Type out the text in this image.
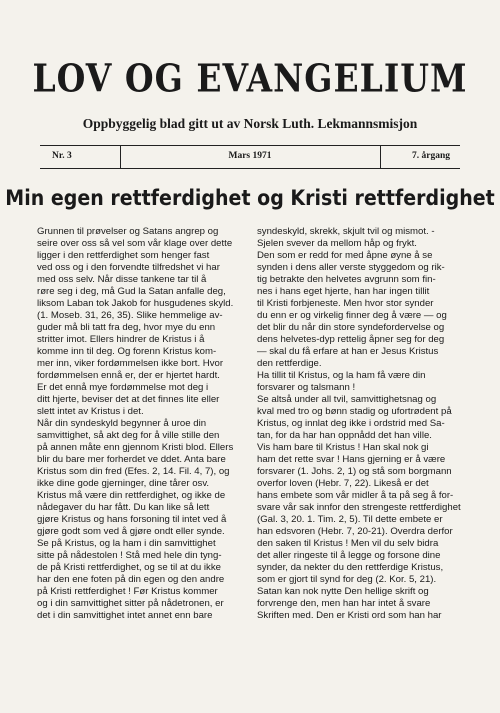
LOV OG EVANGELIUM
Oppbyggelig blad gitt ut av Norsk Luth. Lekmannsmisjon
Nr. 3	Mars 1971	7. årgang
Min egen rettferdighet og Kristi rettferdighet
Grunnen til prøvelser og Satans angrep og
seire over oss så vel som vår klage over dette
ligger i den rettferdighet som henger fast
ved oss og i den forvendte tilfredshet vi har
med oss selv. Når disse tankene tar til å
røre seg i deg, må Gud la Satan anfalle deg,
liksom Laban tok Jakob for husgudenes skyld.
(1. Moseb. 31, 26, 35). Slike hemmelige av-
guder må bli tatt fra deg, hvor mye du enn
stritter imot. Ellers hindrer de Kristus i å
komme inn til deg. Og forenn Kristus kom-
mer inn, viker fordømmelsen ikke bort. Hvor
fordømmelsen ennå er, der er hjertet hardt.
Er det ennå mye fordømmelse mot deg i
ditt hjerte, beviser det at det finnes lite eller
slett intet av Kristus i det.
Når din syndeskyld begynner å uroe din
samvittighet, så akt deg for å ville stille den
på annen måte enn gjennom Kristi blod. Ellers
blir du bare mer forherdet ve ddet. Anta bare
Kristus som din fred (Efes. 2, 14. Fil. 4, 7), og
ikke dine gode gjerninger, dine tårer osv.
Kristus må være din rettferdighet, og ikke de
nådegaver du har fått. Du kan like så lett
gjøre Kristus og hans forsoning til intet ved å
gjøre godt som ved å gjøre ondt eller synde.
Se på Kristus, og la ham i din samvittighet
sitte på nådestolen ! Stå med hele din tyng-
de på Kristi rettferdighet, og se til at du ikke
har den ene foten på din egen og den andre
på Kristi rettferdighet ! Før Kristus kommer
og i din samvittighet sitter på nådetronen, er
det i din samvittighet intet annet enn bare
syndeskyld, skrekk, skjult tvil og mismot. -
Sjelen svever da mellom håp og frykt.
Den som er redd for med åpne øyne å se
synden i dens aller verste styggedom og rik-
tig betrakte den helvetes avgrunn som fin-
nes i hans eget hjerte, han har ingen tillit
til Kristi forbjeneste. Men hvor stor synder
du enn er og virkelig finner deg å være — og
det blir du når din store syndefordervelse og
dens helvetes-dyp rettelig åpner seg for deg
— skal du få erfare at han er Jesus Kristus
den rettferdige.
Ha tillit til Kristus, og la ham få være din
forsvarer og talsmann !
Se altså under all tvil, samvittighetsnag og
kval med tro og bønn stadig og ufortrødent på
Kristus, og innlat deg ikke i ordstrid med Sa-
tan, for da har han oppnådd det han ville.
Vis ham bare til Kristus ! Han skal nok gi
ham det rette svar ! Hans gjerning er å være
forsvarer (1. Johs. 2, 1) og stå som borgmann
overfor loven (Hebr. 7, 22). Likeså er det
hans embete som vår midler å ta på seg å for-
svare vår sak innfor den strengeste rettferdighet
(Gal. 3, 20. 1. Tim. 2, 5). Til dette embete er
han edsvoren (Hebr. 7, 20-21). Overdra derfor
den saken til Kristus ! Men vil du selv bidra
det aller ringeste til å legge og forsone dine
synder, da nekter du den rettferdige Kristus,
som er gjort til synd for deg (2. Kor. 5, 21).
Satan kan nok nytte Den hellige skrift og
forvrenge den, men han har intet å svare
Skriften med. Den er Kristi ord som han har
